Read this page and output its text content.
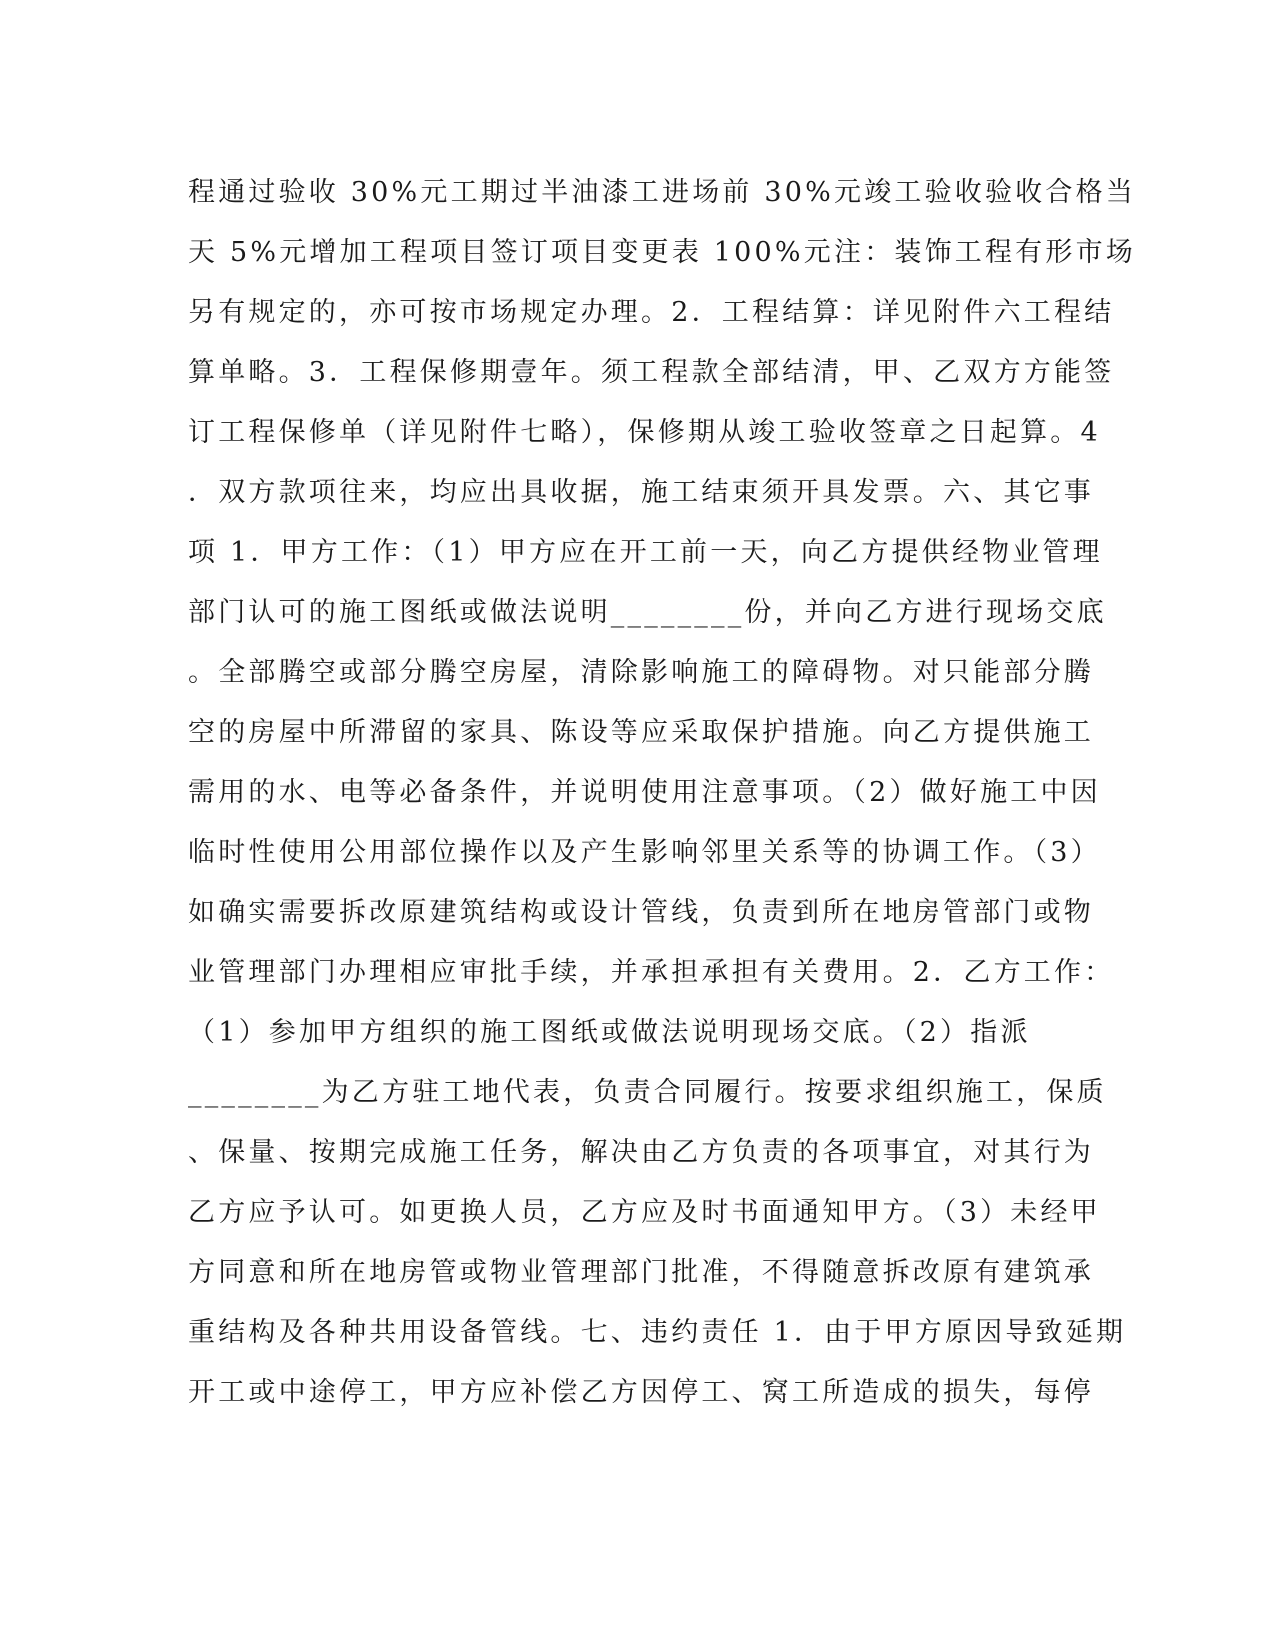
程通过验收 30%元工期过半油漆工进场前 30%元竣工验收验收合格当
天 5%元增加工程项目签订项目变更表 100%元注：装饰工程有形市场
另有规定的，亦可按市场规定办理。2．工程结算：详见附件六工程结
算单略。3．工程保修期壹年。须工程款全部结清，甲、乙双方方能签
订工程保修单（详见附件七略），保修期从竣工验收签章之日起算。4
．双方款项往来，均应出具收据，施工结束须开具发票。六、其它事
项 1．甲方工作：（1）甲方应在开工前一天，向乙方提供经物业管理
部门认可的施工图纸或做法说明________份，并向乙方进行现场交底
。全部腾空或部分腾空房屋，清除影响施工的障碍物。对只能部分腾
空的房屋中所滞留的家具、陈设等应采取保护措施。向乙方提供施工
需用的水、电等必备条件，并说明使用注意事项。（2）做好施工中因
临时性使用公用部位操作以及产生影响邻里关系等的协调工作。（3）
如确实需要拆改原建筑结构或设计管线，负责到所在地房管部门或物
业管理部门办理相应审批手续，并承担承担有关费用。2．乙方工作：
（1）参加甲方组织的施工图纸或做法说明现场交底。（2）指派
________为乙方驻工地代表，负责合同履行。按要求组织施工，保质
、保量、按期完成施工任务，解决由乙方负责的各项事宜，对其行为
乙方应予认可。如更换人员，乙方应及时书面通知甲方。（3）未经甲
方同意和所在地房管或物业管理部门批准，不得随意拆改原有建筑承
重结构及各种共用设备管线。七、违约责任 1．由于甲方原因导致延期
开工或中途停工，甲方应补偿乙方因停工、窝工所造成的损失，每停
